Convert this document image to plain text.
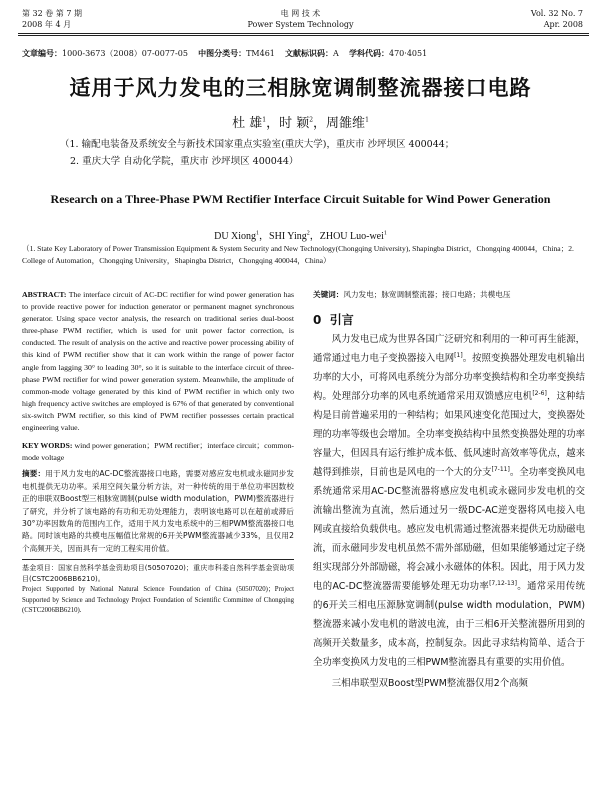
第 32 卷 第 7 期
2008 年 4 月
电 网 技 术
Power System Technology
Vol. 32 No. 7
Apr. 2008
文章编号：1000-3673（2008）07-0077-05 中图分类号：TM461 文献标识码：A 学科代码：470·4051
适用于风力发电的三相脉宽调制整流器接口电路
杜 雄$^1$，时 颖$^2$，周雒维$^1$
（1. 输配电装备及系统安全与新技术国家重点实验室(重庆大学)，重庆市 沙坪坝区 400044；
2. 重庆大学 自动化学院，重庆市 沙坪坝区 400044）
Research on a Three-Phase PWM Rectifier Interface Circuit Suitable for Wind Power Generation
DU Xiong$^1$，SHI Ying$^2$，ZHOU Luo-wei$^1$
（1. State Key Laboratory of Power Transmission Equipment & System Security and New Technology(Chongqing University), Shapingba District，Chongqing 400044，China；2. College of Automation，Chongqing University，Shapingba District，Chongqing 400044，China）

ABSTRACT: The interface circuit of AC-DC rectifier for wind power generation has to provide reactive power for induction generator or permanent magnet synchronous generator. Using space vector analysis, the research on traditional series dual-boost three-phase PWM rectifier, which is used for unit power factor correction, is conducted. The result of analysis on the active and reactive power processing ability of this kind of PWM rectifier show that it can work within the range of power factor angle from lagging 30° to leading 30°, so it is suitable to the interface circuit of three-phase PWM rectifier for wind power generation system. Meanwhile, the amplitude of common-mode voltage generated by this kind of PWM rectifier in which only two high frequency active switches are employed is 67% of that generated by conventional six-switch PWM rectifier, so this kind of PWM rectifier possesses certain practical engineering value.

KEY WORDS: wind power generation；PWM rectifier；interface circuit；common-mode voltage

摘要：用于风力发电的AC-DC整流器接口电路，需要对感应发电机或永磁同步发电机提供无功功率。采用空间矢量分析方法，对一种传统的用于单位功率因数校正的串联双Boost型三相脉宽调制(pulse width modulation，PWM)整流器进行了研究，并分析了该电路的有功和无功处理能力，表明该电路可以在超前或滞后30°功率因数角的范围内工作，适用于风力发电系统中的三相PWM整流器接口电路。同时该电路的共模电压幅值比常规的6开关PWM整流器减少33%，且仅用2个高频开关，因而具有一定的工程实用价值。

基金项目：国家自然科学基金资助项目(50507020)；重庆市科委自然科学基金资助项目(CSTC2006BB6210)。

Project Supported by National Natural Science Foundation of China (50507020)；Project Supported by Science and Technology Project Foundation of Scientific Committee of Chongqing (CSTC2006BB6210).

关键词：风力发电；脉宽调制整流器；接口电路；共模电压
0 引言

风力发电已成为世界各国广泛研究和利用的一种可再生能源，通常通过电力电子变换器接入电网[1]。按照变换器处理发电机输出功率的大小，可将风电系统分为部分功率变换结构和全功率变换结构。处理部分功率的风电系统通常采用双馈感应电机[2-6]，这种结构是目前普遍采用的一种结构；如果风速变化范围过大，变换器处理的功率等级也会增加。全功率变换结构中虽然变换器处理的功率容量大，但因具有运行维护成本低、低风速时高效率等优点，越来越得到推崇，目前也是风电的一个大的分支[7-11]。全功率变换风电系统通常采用AC-DC整流器将感应发电机或永磁同步发电机的交流输出整流为直流，然后通过另一级DC-AC逆变器将风电接入电网或直接给负载供电。感应发电机需通过整流器来提供无功励磁电流，而永磁同步发电机虽然不需外部励磁，但如果能够通过定子绕组实现部分外部励磁，将会减小永磁体的体积。因此，用于风力发电的AC-DC整流器需要能够处理无功功率[7,12-13]。通常采用传统的6开关三相电压源脉宽调制(pulse width modulation，PWM)整流器来减小发电机的谐波电流，由于三相6开关整流器所用到的高频开关数量多，成本高，控制复杂。因此寻求结构简单、适合于全功率变换风力发电的三相PWM整流器具有重要的实用价值。

三相串联型双Boost型PWM整流器仅用2个高频
